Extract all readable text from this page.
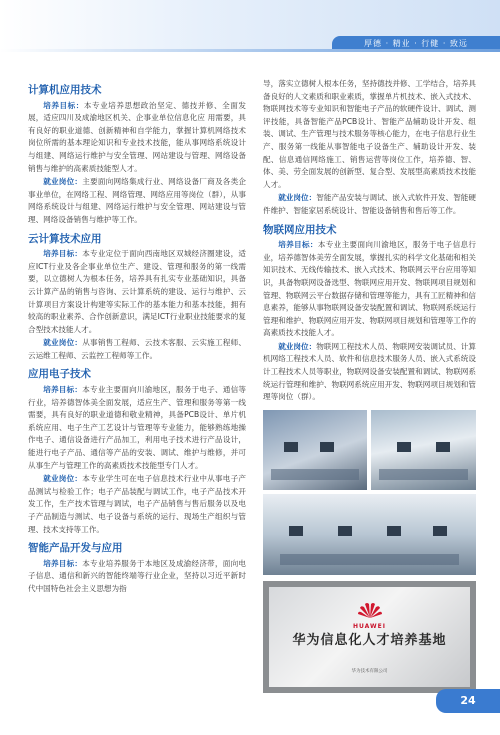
厚德 · 精业 · 行健 · 致远
计算机应用技术

培养目标：本专业培养思想政治坚定、德技并修、全面发展，适应四川及成渝地区机关、企事业单位信息化应 用需要，具有良好的职业道德、创新精神和自学能力，掌握计算机网络技术岗位所需的基本理论知识和专业技术技能，能从事网络系统设计与组建、网络运行维护与安全管理、网站建设与管理、网络设备销售与维护的高素质技能型人才。

就业岗位：主要面向网络集成行业、网络设备厂商及各类企事业单位，在网络工程、网络管理、网络应用等岗位（群），从事网络系统设计与组建、网络运行维护与安全管理、网站建设与管理、网络设备销售与维护等工作。

云计算技术应用

培养目标：本专业定位于面向西南地区双城经济圈建设，适应ICT行业及各企事业单位生产、建设、管理和服务的第一线需要，以立德树人为根本任务，培养具有扎实专业基础知识，具备云计算产品的销售与咨询、云计算系统的建设、运行与维护、云计算项目方案设计构建等实际工作的基本能力和基本技能，拥有较高的职业素养、合作创新意识，满足ICT行业职业技能要求的复合型技术技能人才。

就业岗位：从事销售工程师、云技术客服、云实施工程师、云运维工程师、云监控工程师等工作。

应用电子技术

培养目标：本专业主要面向川渝地区，服务于电子、通信等行业，培养德智体美全面发展，适应生产、管理和服务等第一线需要，具有良好的职业道德和敬业精神，具备PCB设计、单片机系统应用、电子生产工艺设计与管理等专业能力，能够熟练地操作电子、通信设备进行产品加工，利用电子技术进行产品设计，能进行电子产品、通信等产品的安装、调试、维护与维修，并可从事生产与管理工作的高素质技术技能型专门人才。

就业岗位：本专业学生可在电子信息技术行业中从事电子产品测试与检验工作；电子产品装配与调试工作，电子产品技术开发工作，生产技术管理与调试，电子产品销售与售后服务以及电子产品制造与测试、电子设备与系统的运行、现场生产组织与管理、技术支持等工作。

智能产品开发与应用

培养目标：本专业培养服务于本地区及成渝经济带，面向电子信息、通信和新兴的智能终端等行业企业，坚持以习近平新时代中国特色社会主义思想为指

导，落实立德树人根本任务，坚持德技并修、工学结合，培养具备良好的人文素质和职业素质，掌握单片机技术、嵌入式技术、物联网技术等专业知识和智能电子产品的软硬件设计、调试、测评技能，具备智能产品PCB设计、智能产品辅助设计开发、组装、调试、生产管理与技术服务等核心能力，在电子信息行业生产、服务第一线能从事智能电子设备生产、辅助设计开发、装配、信息通信网络施工、销售运营等岗位工作，培养德、智、体、美、劳全面发展的创新型、复合型、发展型高素质技术技能人才。

就业岗位：智能产品安装与调试、嵌入式软件开发、智能硬件维护、智能家居系统设计、智能设备销售和售后等工作。

物联网应用技术

培养目标：本专业主要面向川渝地区，服务于电子信息行业，培养德智体美劳全面发展，掌握扎实的科学文化基础和相关知识技术、无线传输技术、嵌入式技术、物联网云平台应用等知识，具备物联网设备选型、物联网应用开发、物联网项目规划和管理、物联网云平台数据存储和管理等能力，具有工匠精神和信息素养，能够从事物联网设备安装配置和调试、物联网系统运行管理和维护、物联网应用开发、物联网项目规划和管理等工作的高素质技术技能人才。

就业岗位：物联网工程技术人员、物联网安装调试员、计算机网络工程技术人员、软件和信息技术服务人员、嵌入式系统设计工程技术人员等职业，物联网设备安装配置和调试、物联网系统运行管理和维护、物联网系统应用开发、物联网项目规划和管理等岗位（群）。

HUAWEI
华为信息化人才培养基地
华为技术有限公司
24
